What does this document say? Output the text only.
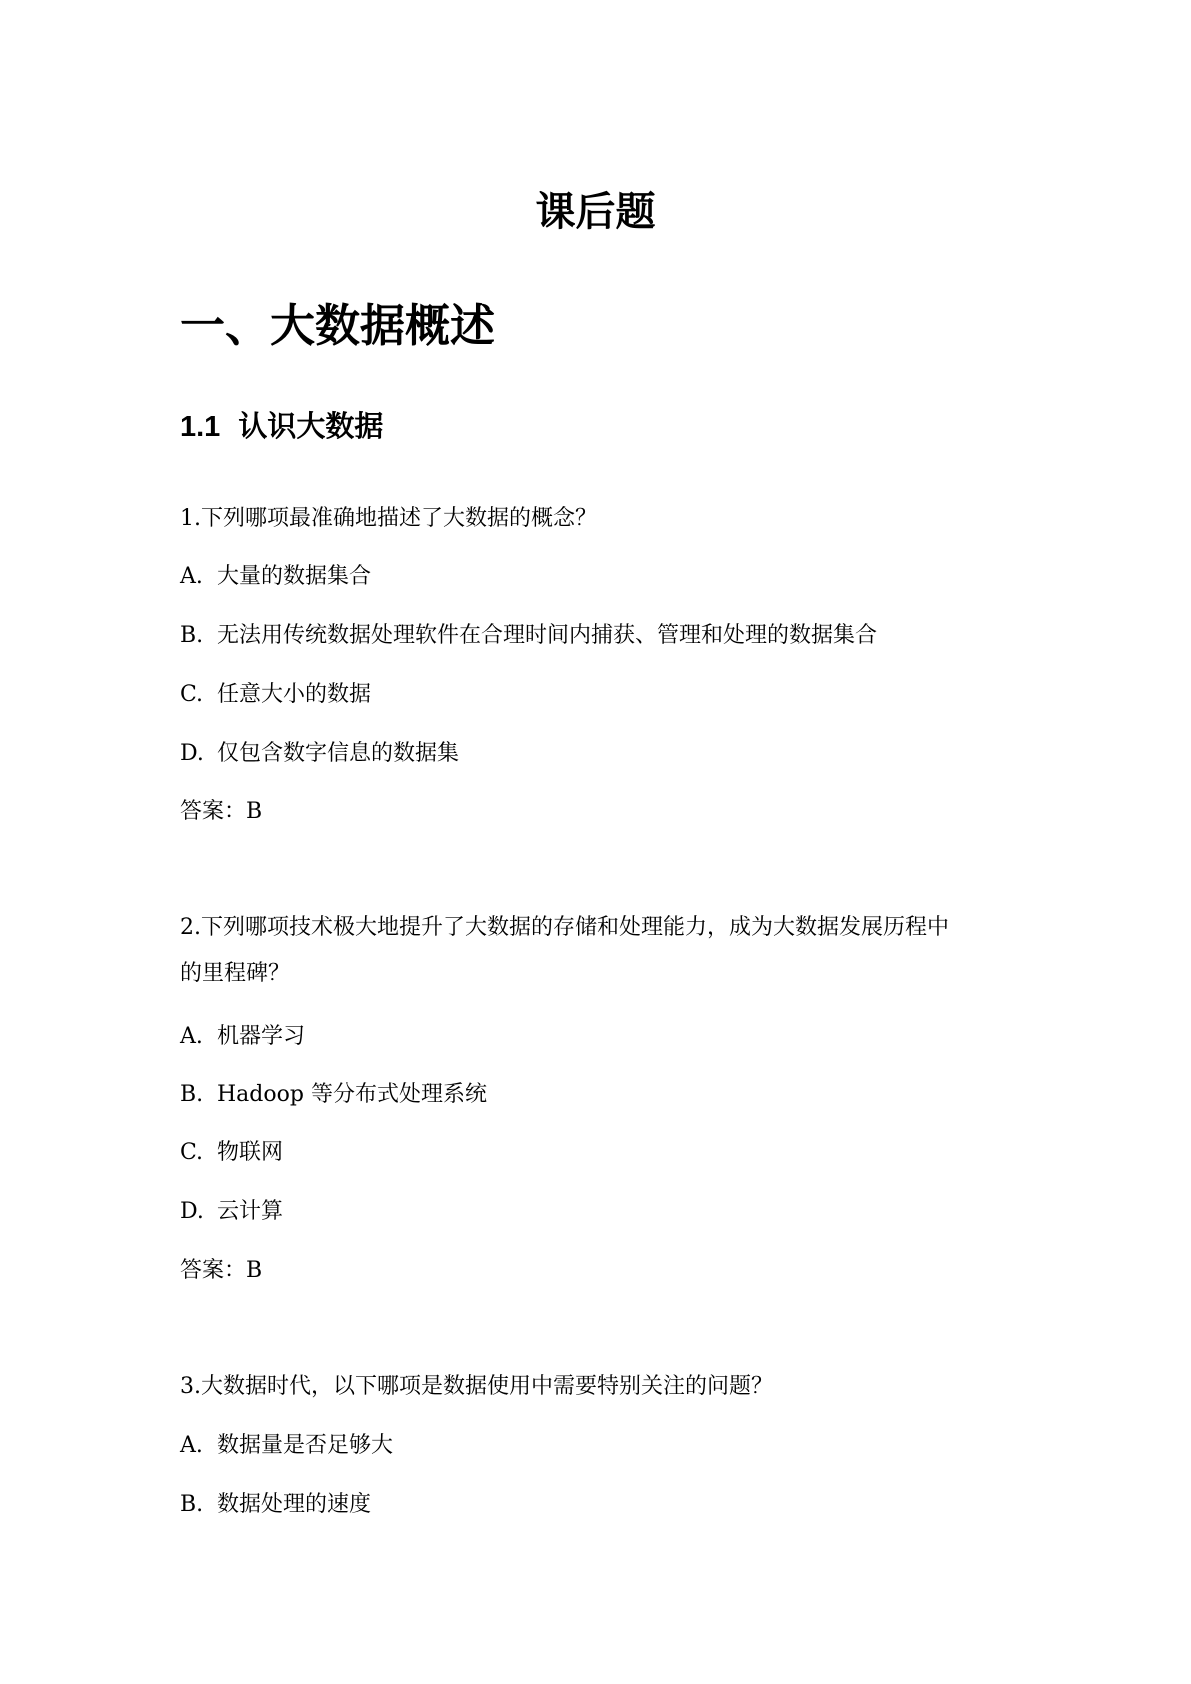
课后题
一、大数据概述
1.1 认识大数据

1.下列哪项最准确地描述了大数据的概念？

A. 大量的数据集合

B. 无法用传统数据处理软件在合理时间内捕获、管理和处理的数据集合

C. 任意大小的数据

D. 仅包含数字信息的数据集

答案：B

2.下列哪项技术极大地提升了大数据的存储和处理能力，成为大数据发展历程中

的里程碑？

A. 机器学习

B. Hadoop 等分布式处理系统

C. 物联网

D. 云计算

答案：B

3.大数据时代，以下哪项是数据使用中需要特别关注的问题？

A. 数据量是否足够大

B. 数据处理的速度
